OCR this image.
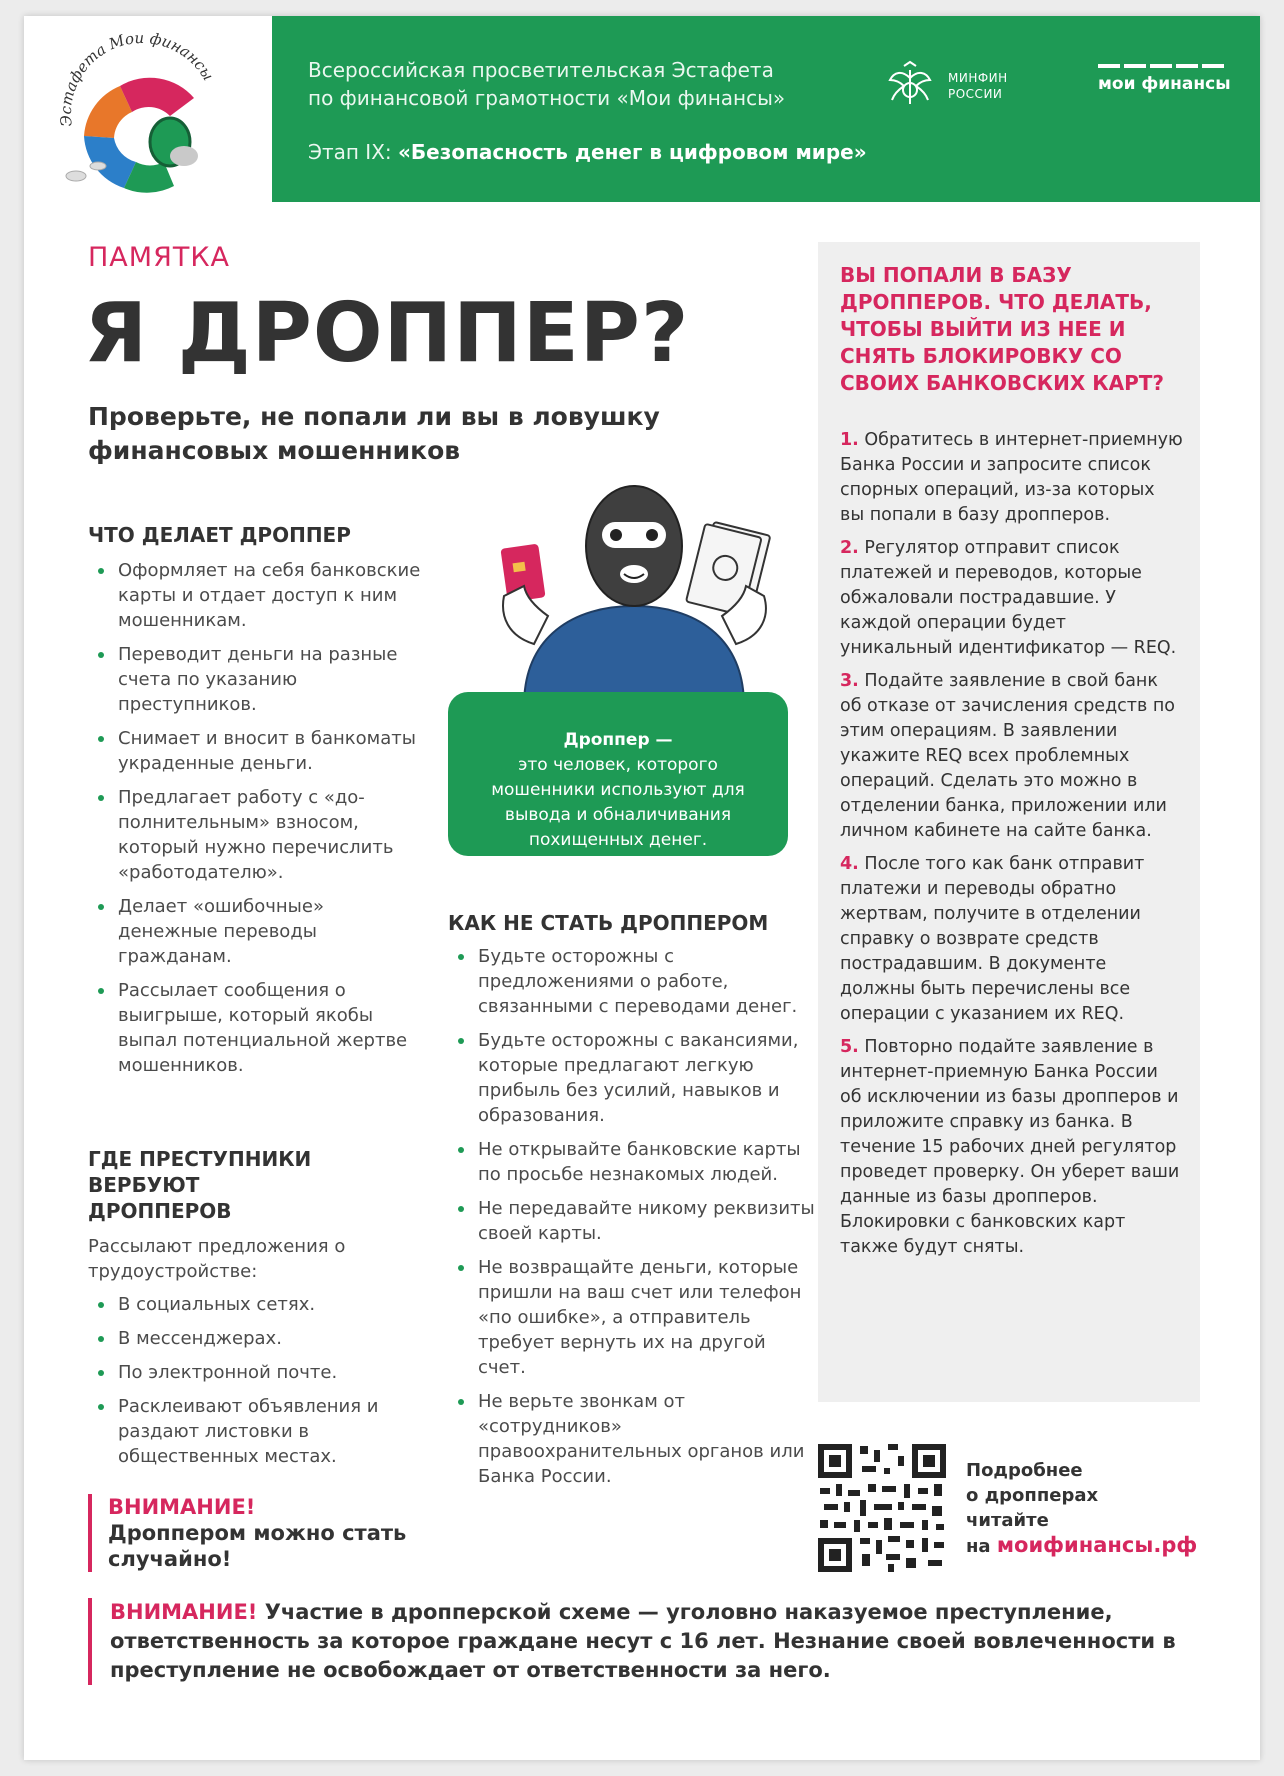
Эстафета Мои финансы	Всероссийская просветительская Эстафета
по финансовой грамотности «Мои финансы»
Этап IX: «Безопасность денег в цифровом мире»
МИНФИН
РОССИИ	мои финансы
ПАМЯТКА
Я ДРОППЕР?
Проверьте, не попали ли вы в ловушку
финансовых мошенников
ЧТО ДЕЛАЕТ ДРОППЕР
Оформляет на себя банковские карты и отдает доступ к ним мошенникам.
Переводит деньги на разные счета по указанию преступников.
Снимает и вносит в банкоматы украденные деньги.
Предлагает работу с «до-полнительным» взносом, который нужно перечислить «работодателю».
Делает «ошибочные» денежные переводы гражданам.
Рассылает сообщения о выигрыше, который якобы выпал потенциальной жертве мошенников.
ГДЕ ПРЕСТУПНИКИ ВЕРБУЮТ ДРОППЕРОВ
Рассылают предложения о трудоустройстве:
В социальных сетях.
В мессенджерах.
По электронной почте.
Расклеивают объявления и раздают листовки в общественных местах.
ВНИМАНИЕ!
Дроппером можно стать случайно!
Дроппер —
это человек, которого мошенники используют для вывода и обналичивания похищенных денег.
КАК НЕ СТАТЬ ДРОППЕРОМ
Будьте осторожны с предложениями о работе, связанными с переводами денег.
Будьте осторожны с вакансиями, которые предлагают легкую прибыль без усилий, навыков и образования.
Не открывайте банковские карты по просьбе незнакомых людей.
Не передавайте никому реквизиты своей карты.
Не возвращайте деньги, которые пришли на ваш счет или телефон «по ошибке», а отправитель требует вернуть их на другой счет.
Не верьте звонкам от «сотрудников» правоохранительных органов или Банка России.
ВЫ ПОПАЛИ В БАЗУ ДРОППЕРОВ. ЧТО ДЕЛАТЬ, ЧТОБЫ ВЫЙТИ ИЗ НЕЕ И СНЯТЬ БЛОКИРОВКУ СО СВОИХ БАНКОВСКИХ КАРТ?
1. Обратитесь в интернет-приемную Банка России и запросите список спорных операций, из-за которых вы попали в базу дропперов.
2. Регулятор отправит список платежей и переводов, которые обжаловали пострадавшие. У каждой операции будет уникальный идентификатор — REQ.
3. Подайте заявление в свой банк об отказе от зачисления средств по этим операциям. В заявлении укажите REQ всех проблемных операций. Сделать это можно в отделении банка, приложении или личном кабинете на сайте банка.
4. После того как банк отправит платежи и переводы обратно жертвам, получите в отделении справку о возврате средств пострадавшим. В документе должны быть перечислены все операции с указанием их REQ.
5. Повторно подайте заявление в интернет-приемную Банка России об исключении из базы дропперов и приложите справку из банка. В течение 15 рабочих дней регулятор проведет проверку. Он уберет ваши данные из базы дропперов. Блокировки с банковских карт также будут сняты.
Подробнее
о дропперах
читайте
на моифинансы.рф
ВНИМАНИЕ! Участие в дропперской схеме — уголовно наказуемое преступление, ответственность за которое граждане несут с 16 лет. Незнание своей вовлеченности в преступление не освобождает от ответственности за него.
